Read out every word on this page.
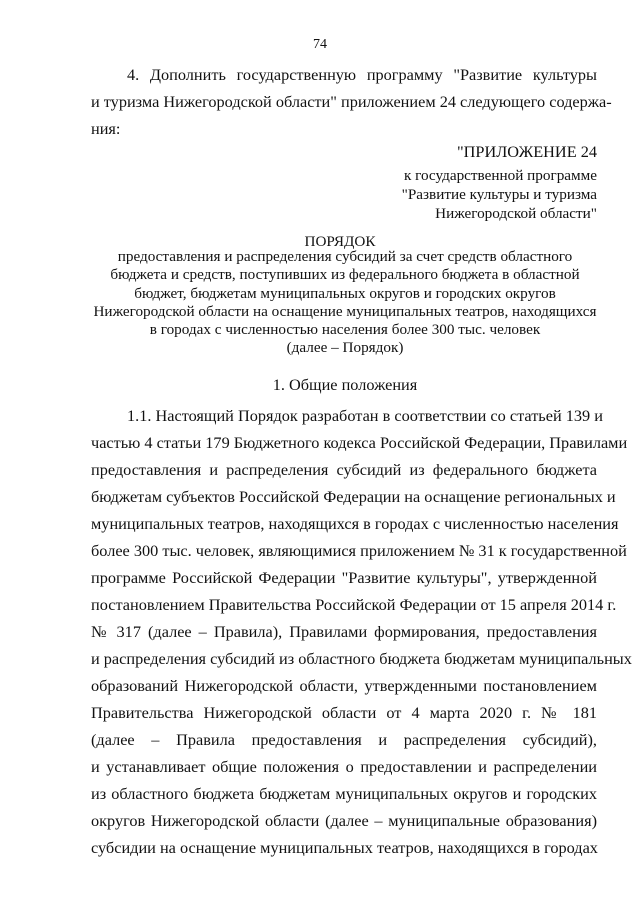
74
4. Дополнить государственную программу "Развитие культуры
и туризма Нижегородской области" приложением 24 следующего содержа-
ния:
"ПРИЛОЖЕНИЕ 24
к государственной программе
"Развитие культуры и туризма
Нижегородской области"
ПОРЯДОК
предоставления и распределения субсидий за счет средств областного
бюджета и средств, поступивших из федерального бюджета в областной
бюджет, бюджетам муниципальных округов и городских округов
Нижегородской области на оснащение муниципальных театров, находящихся
в городах с численностью населения более 300 тыс. человек
(далее – Порядок)
1. Общие положения
1.1. Настоящий Порядок разработан в соответствии со статьей 139 и
частью 4 статьи 179 Бюджетного кодекса Российской Федерации, Правилами
предоставления и распределения субсидий из федерального бюджета
бюджетам субъектов Российской Федерации на оснащение региональных и
муниципальных театров, находящихся в городах с численностью населения
более 300 тыс. человек, являющимися приложением № 31 к государственной
программе Российской Федерации "Развитие культуры", утвержденной
постановлением Правительства Российской Федерации от 15 апреля 2014 г.
№ 317 (далее – Правила), Правилами формирования, предоставления
и распределения субсидий из областного бюджета бюджетам муниципальных
образований Нижегородской области, утвержденными постановлением
Правительства Нижегородской области от 4 марта 2020 г. № 181
(далее – Правила предоставления и распределения субсидий),
и устанавливает общие положения о предоставлении и распределении
из областного бюджета бюджетам муниципальных округов и городских
округов Нижегородской области (далее – муниципальные образования)
субсидии на оснащение муниципальных театров, находящихся в городах
